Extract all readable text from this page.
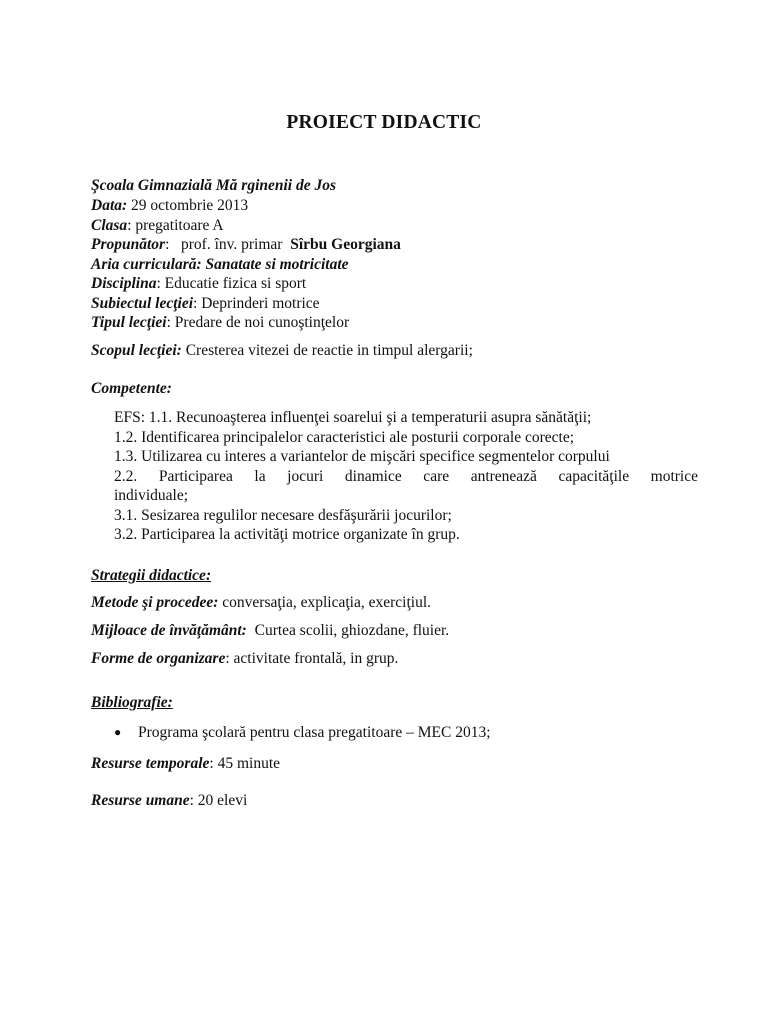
PROIECT DIDACTIC
Şcoala Gimnazială Mă rginenii de Jos
Data: 29 octombrie 2013
Clasa: pregatitoare A
Propunător:   prof. înv. primar  Sîrbu Georgiana
Aria curriculară: Sanatate si motricitate
Disciplina: Educatie fizica si sport
Subiectul lecţiei: Deprinderi motrice
Tipul lecţiei: Predare de noi cunoştinţelor
Scopul lecţiei: Cresterea vitezei de reactie in timpul alergarii;
Competente:
EFS: 1.1. Recunoaşterea influenţei soarelui şi a temperaturii asupra sănătăţii;
1.2. Identificarea principalelor caracteristici ale posturii corporale corecte;
1.3. Utilizarea cu interes a variantelor de mişcări specifice segmentelor corpului
2.2. Participarea la jocuri dinamice care antrenează capacităţile motrice
individuale;
3.1. Sesizarea regulilor necesare desfăşurării jocurilor;
3.2. Participarea la activităţi motrice organizate în grup.
Strategii didactice:
Metode şi procedee: conversaţia, explicaţia, exerciţiul.
Mijloace de învăţământ:  Curtea scolii, ghiozdane, fluier.
Forme de organizare: activitate frontală, in grup.
Bibliografie:
● Programa şcolară pentru clasa pregatitoare – MEC 2013;
Resurse temporale: 45 minute
Resurse umane: 20 elevi
